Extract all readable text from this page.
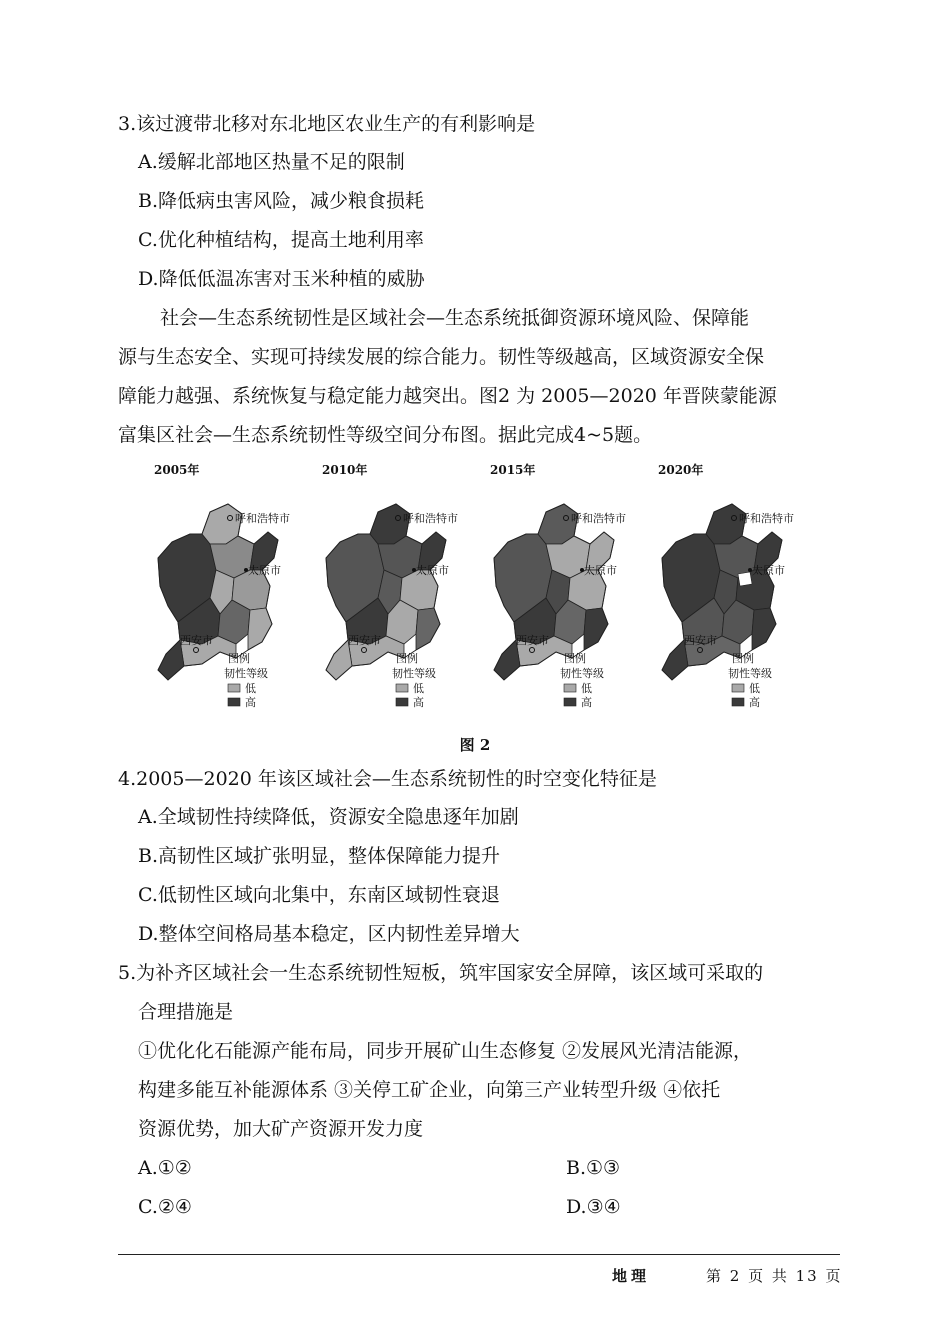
3.该过渡带北移对东北地区农业生产的有利影响是
A.缓解北部地区热量不足的限制
B.降低病虫害风险，减少粮食损耗
C.优化种植结构，提高土地利用率
D.降低低温冻害对玉米种植的威胁
社会—生态系统韧性是区域社会—生态系统抵御资源环境风险、保障能
源与生态安全、实现可持续发展的综合能力。韧性等级越高，区域资源安全保
障能力越强、系统恢复与稳定能力越突出。图2 为 2005—2020 年晋陕蒙能源
富集区社会—生态系统韧性等级空间分布图。据此完成4~5题。
2005年
呼和浩特市
太原市
西安市
图例
韧性等级
低
高
2010年
呼和浩特市
太原市
西安市
图例
韧性等级
低
高
2015年
呼和浩特市
太原市
西安市
图例
韧性等级
低
高
2020年
呼和浩特市
太原市
西安市
图例
韧性等级
低
高
图 2
4.2005—2020 年该区域社会—生态系统韧性的时空变化特征是
A.全域韧性持续降低，资源安全隐患逐年加剧
B.高韧性区域扩张明显，整体保障能力提升
C.低韧性区域向北集中，东南区域韧性衰退
D.整体空间格局基本稳定，区内韧性差异增大
5.为补齐区域社会一生态系统韧性短板，筑牢国家安全屏障，该区域可采取的
合理措施是
①优化化石能源产能布局，同步开展矿山生态修复 ②发展风光清洁能源，
构建多能互补能源体系 ③关停工矿企业，向第三产业转型升级 ④依托
资源优势，加大矿产资源开发力度
A.①②	B.①③
C.②④	D.③④
地理	第 2 页 共 13 页
